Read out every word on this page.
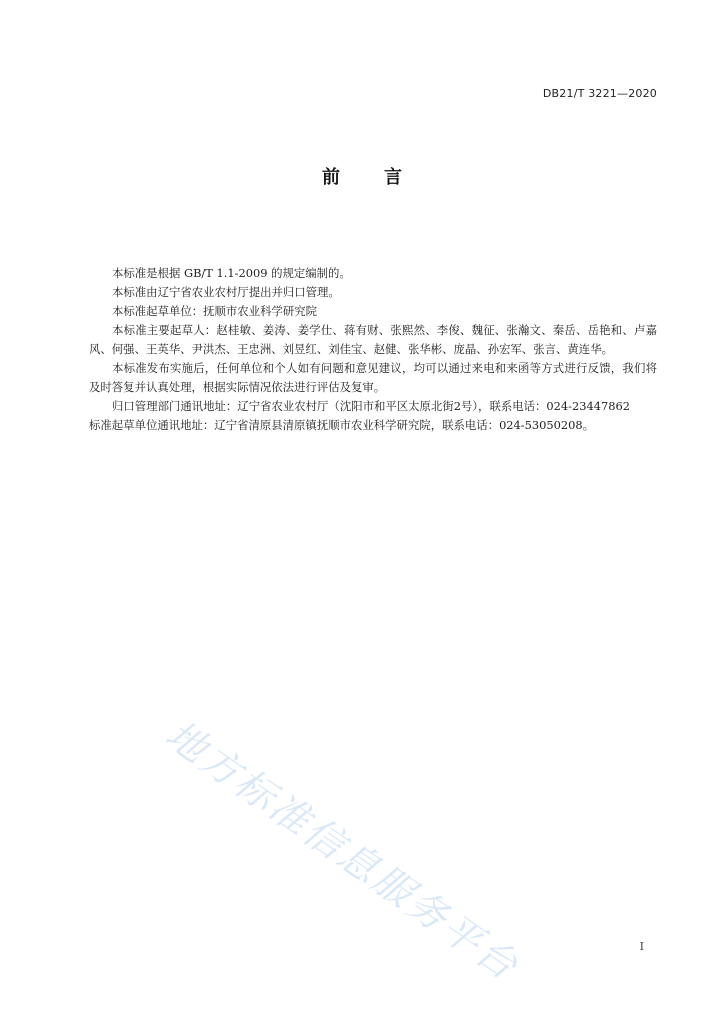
DB21/T 3221—2020
前言

本标准是根据 GB/T 1.1-2009 的规定编制的。

本标准由辽宁省农业农村厅提出并归口管理。

本标准起草单位：抚顺市农业科学研究院

本标准主要起草人：赵桂敏、姜涛、姜学仕、蒋有财、张熙然、李俊、魏征、张瀚文、秦岳、岳艳和、卢嘉风、何强、王英华、尹洪杰、王忠洲、刘昱红、刘佳宝、赵健、张华彬、庞晶、孙宏军、张言、黄连华。

本标准发布实施后，任何单位和个人如有问题和意见建议，均可以通过来电和来函等方式进行反馈，我们将及时答复并认真处理，根据实际情况依法进行评估及复审。

归口管理部门通讯地址：辽宁省农业农村厅（沈阳市和平区太原北街2号），联系电话：024-23447862

标准起草单位通讯地址：辽宁省清原县清原镇抚顺市农业科学研究院，联系电话：024-53050208。

地方标准信息服务平台	I
